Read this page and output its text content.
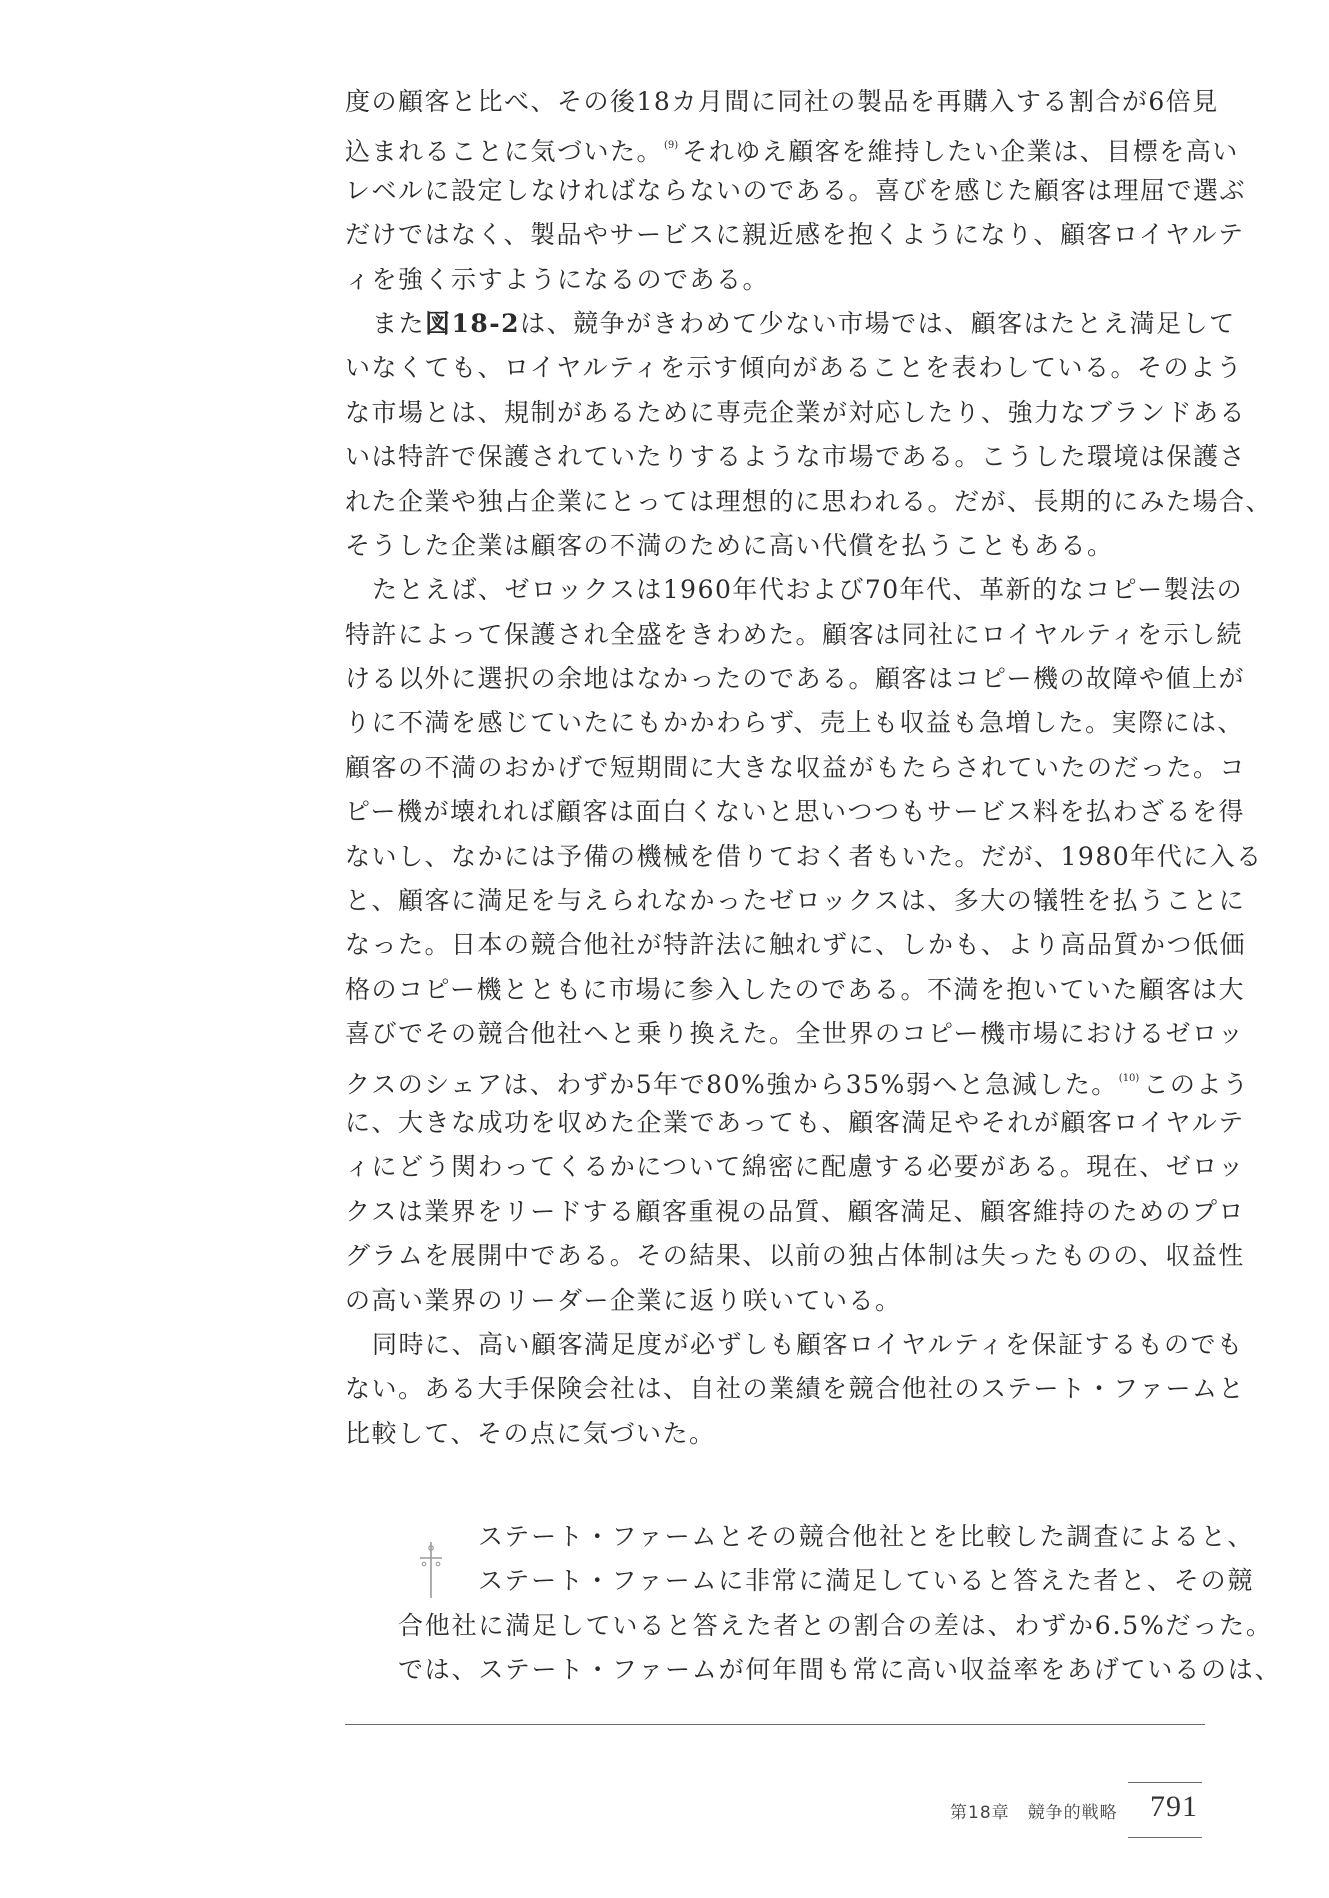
度の顧客と比べ、その後18カ月間に同社の製品を再購入する割合が6倍見
込まれることに気づいた。$^{(9)}$ それゆえ顧客を維持したい企業は、目標を高い
レベルに設定しなければならないのである。喜びを感じた顧客は理屈で選ぶ
だけではなく、製品やサービスに親近感を抱くようになり、顧客ロイヤルテ
ィを強く示すようになるのである。
また図18-2は、競争がきわめて少ない市場では、顧客はたとえ満足して
いなくても、ロイヤルティを示す傾向があることを表わしている。そのよう
な市場とは、規制があるために専売企業が対応したり、強力なブランドある
いは特許で保護されていたりするような市場である。こうした環境は保護さ
れた企業や独占企業にとっては理想的に思われる。だが、長期的にみた場合、
そうした企業は顧客の不満のために高い代償を払うこともある。
たとえば、ゼロックスは1960年代および70年代、革新的なコピー製法の
特許によって保護され全盛をきわめた。顧客は同社にロイヤルティを示し続
ける以外に選択の余地はなかったのである。顧客はコピー機の故障や値上が
りに不満を感じていたにもかかわらず、売上も収益も急増した。実際には、
顧客の不満のおかげで短期間に大きな収益がもたらされていたのだった。コ
ピー機が壊れれば顧客は面白くないと思いつつもサービス料を払わざるを得
ないし、なかには予備の機械を借りておく者もいた。だが、1980年代に入る
と、顧客に満足を与えられなかったゼロックスは、多大の犠牲を払うことに
なった。日本の競合他社が特許法に触れずに、しかも、より高品質かつ低価
格のコピー機とともに市場に参入したのである。不満を抱いていた顧客は大
喜びでその競合他社へと乗り換えた。全世界のコピー機市場におけるゼロッ
クスのシェアは、わずか5年で80%強から35%弱へと急減した。$^{(10)}$ このよう
に、大きな成功を収めた企業であっても、顧客満足やそれが顧客ロイヤルテ
ィにどう関わってくるかについて綿密に配慮する必要がある。現在、ゼロッ
クスは業界をリードする顧客重視の品質、顧客満足、顧客維持のためのプロ
グラムを展開中である。その結果、以前の独占体制は失ったものの、収益性
の高い業界のリーダー企業に返り咲いている。
同時に、高い顧客満足度が必ずしも顧客ロイヤルティを保証するものでも
ない。ある大手保険会社は、自社の業績を競合他社のステート・ファームと
比較して、その点に気づいた。
ステート・ファームとその競合他社とを比較した調査によると、
ステート・ファームに非常に満足していると答えた者と、その競
合他社に満足していると答えた者との割合の差は、わずか6.5%だった。
では、ステート・ファームが何年間も常に高い収益率をあげているのは、
第18章　競争的戦略 791
